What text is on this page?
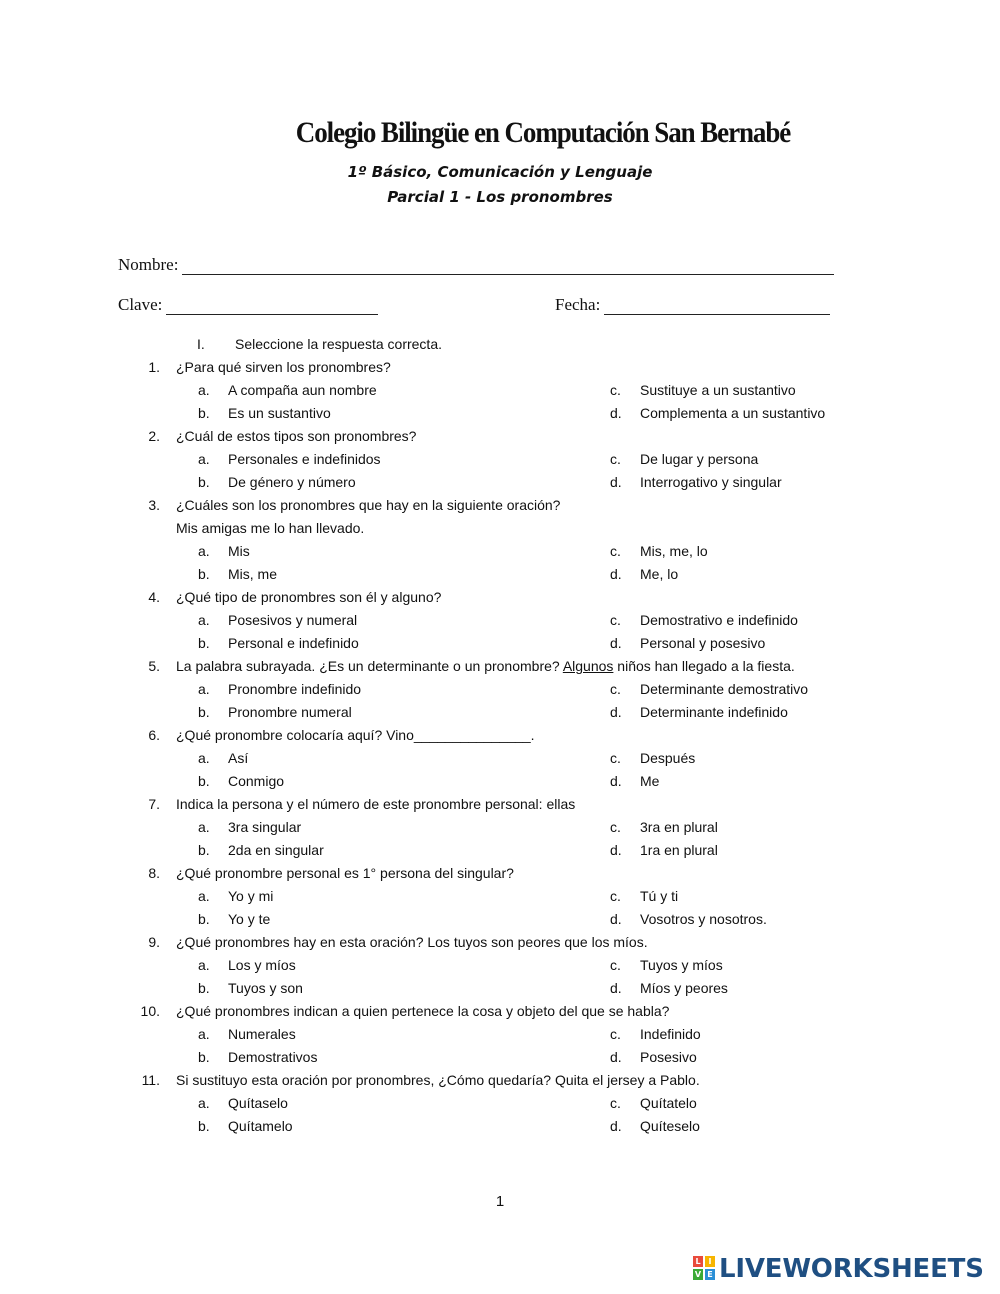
Colegio Bilingüe en Computación San Bernabé
1º Básico, Comunicación y Lenguaje
Parcial 1 - Los pronombres
Nombre:
Clave:	Fecha:
I. Seleccione la respuesta correcta.
1. ¿Para qué sirven los pronombres?
a. A compaña aun nombre	c. Sustituye a un sustantivo
b. Es un sustantivo	d. Complementa a un sustantivo
2. ¿Cuál de estos tipos son pronombres?
a. Personales e indefinidos	c. De lugar y persona
b. De género y número	d. Interrogativo y singular
3. ¿Cuáles son los pronombres que hay en la siguiente oración?
Mis amigas me lo han llevado.
a. Mis	c. Mis, me, lo
b. Mis, me	d. Me, lo
4. ¿Qué tipo de pronombres son él y alguno?
a. Posesivos y numeral	c. Demostrativo e indefinido
b. Personal e indefinido	d. Personal y posesivo
5. La palabra subrayada. ¿Es un determinante o un pronombre? Algunos niños han llegado a la fiesta.
a. Pronombre indefinido	c. Determinante demostrativo
b. Pronombre numeral	d. Determinante indefinido
6. ¿Qué pronombre colocaría aquí? Vino_______________.
a. Así	c. Después
b. Conmigo	d. Me
7. Indica la persona y el número de este pronombre personal: ellas
a. 3ra singular	c. 3ra en plural
b. 2da en singular	d. 1ra en plural
8. ¿Qué pronombre personal es 1° persona del singular?
a. Yo y mi	c. Tú y ti
b. Yo y te	d. Vosotros y nosotros.
9. ¿Qué pronombres hay en esta oración? Los tuyos son peores que los míos.
a. Los y míos	c. Tuyos y míos
b. Tuyos y son	d. Míos y peores
10. ¿Qué pronombres indican a quien pertenece la cosa y objeto del que se habla?
a. Numerales	c. Indefinido
b. Demostrativos	d. Posesivo
11. Si sustituyo esta oración por pronombres, ¿Cómo quedaría? Quita el jersey a Pablo.
a. Quítaselo	c. Quítatelo
b. Quítamelo	d. Quíteselo
1
L I
V E LIVEWORKSHEETS
